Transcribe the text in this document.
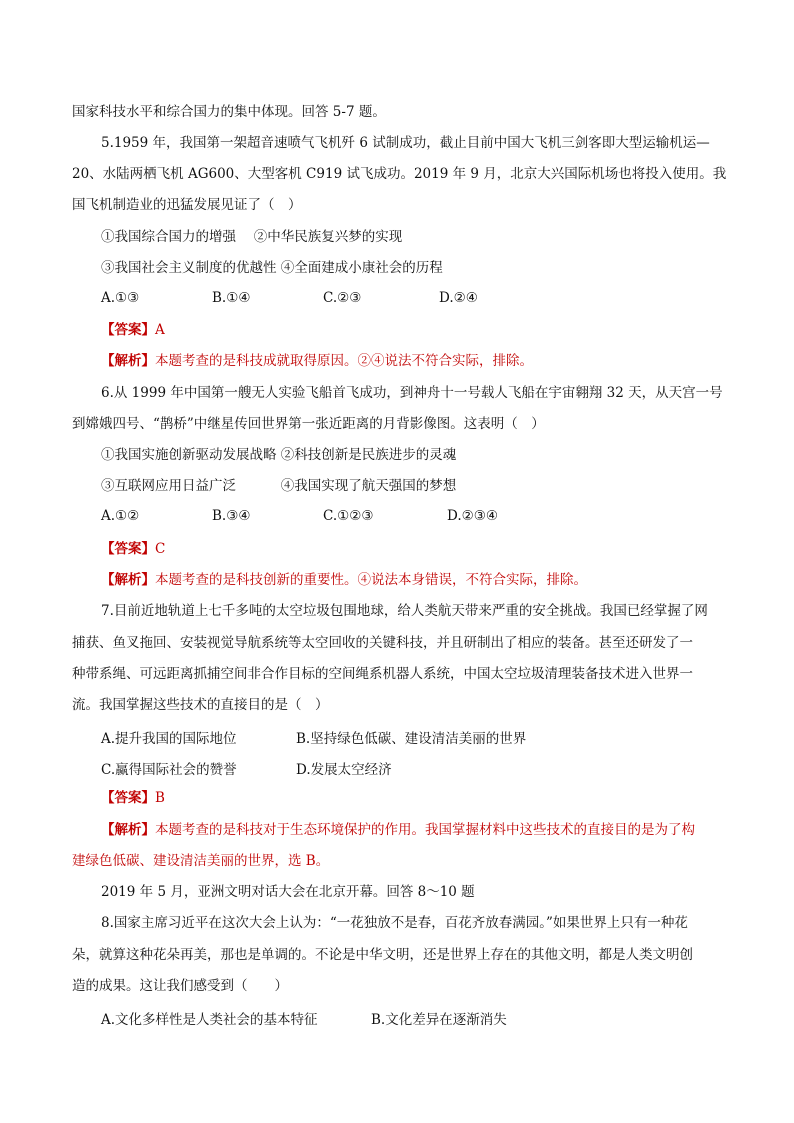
国家科技水平和综合国力的集中体现。回答 5-7 题。
5.1959 年，我国第一架超音速喷气飞机歼 6 试制成功，截止目前中国大飞机三剑客即大型运输机运—
20、水陆两栖飞机 AG600、大型客机 C919 试飞成功。2019 年 9 月，北京大兴国际机场也将投入使用。我
国飞机制造业的迅猛发展见证了（　）
①我国综合国力的增强　 ②中华民族复兴梦的实现
③我国社会主义制度的优越性 ④全面建成小康社会的历程
A.①③	B.①④	C.②③	D.②④
【答案】A
【解析】本题考查的是科技成就取得原因。②④说法不符合实际，排除。
6.从 1999 年中国第一艘无人实验飞船首飞成功，到神舟十一号载人飞船在宇宙翱翔 32 天，从天宫一号
到嫦娥四号、“鹊桥”中继星传回世界第一张近距离的月背影像图。这表明（　）
①我国实施创新驱动发展战略 ②科技创新是民族进步的灵魂
③互联网应用日益广泛　　　 ④我国实现了航天强国的梦想
A.①②	B.③④	C.①②③	D.②③④
【答案】C
【解析】本题考查的是科技创新的重要性。④说法本身错误，不符合实际，排除。
7.目前近地轨道上七千多吨的太空垃圾包围地球，给人类航天带来严重的安全挑战。我国已经掌握了网
捕获、鱼叉拖回、安装视觉导航系统等太空回收的关键科技，并且研制出了相应的装备。甚至还研发了一
种带系绳、可远距离抓捕空间非合作目标的空间绳系机器人系统，中国太空垃圾清理装备技术进入世界一
流。我国掌握这些技术的直接目的是（　）
A.提升我国的国际地位	B.坚持绿色低碳、建设清洁美丽的世界
C.赢得国际社会的赞誉	D.发展太空经济
【答案】B
【解析】本题考查的是科技对于生态环境保护的作用。我国掌握材料中这些技术的直接目的是为了构
建绿色低碳、建设清洁美丽的世界，选 B。
2019 年 5 月，亚洲文明对话大会在北京开幕。回答 8～10 题
8.国家主席习近平在这次大会上认为：“一花独放不是春，百花齐放春满园。”如果世界上只有一种花
朵，就算这种花朵再美，那也是单调的。不论是中华文明，还是世界上存在的其他文明，都是人类文明创
造的成果。这让我们感受到（　　）
A.文化多样性是人类社会的基本特征	B.文化差异在逐渐消失
